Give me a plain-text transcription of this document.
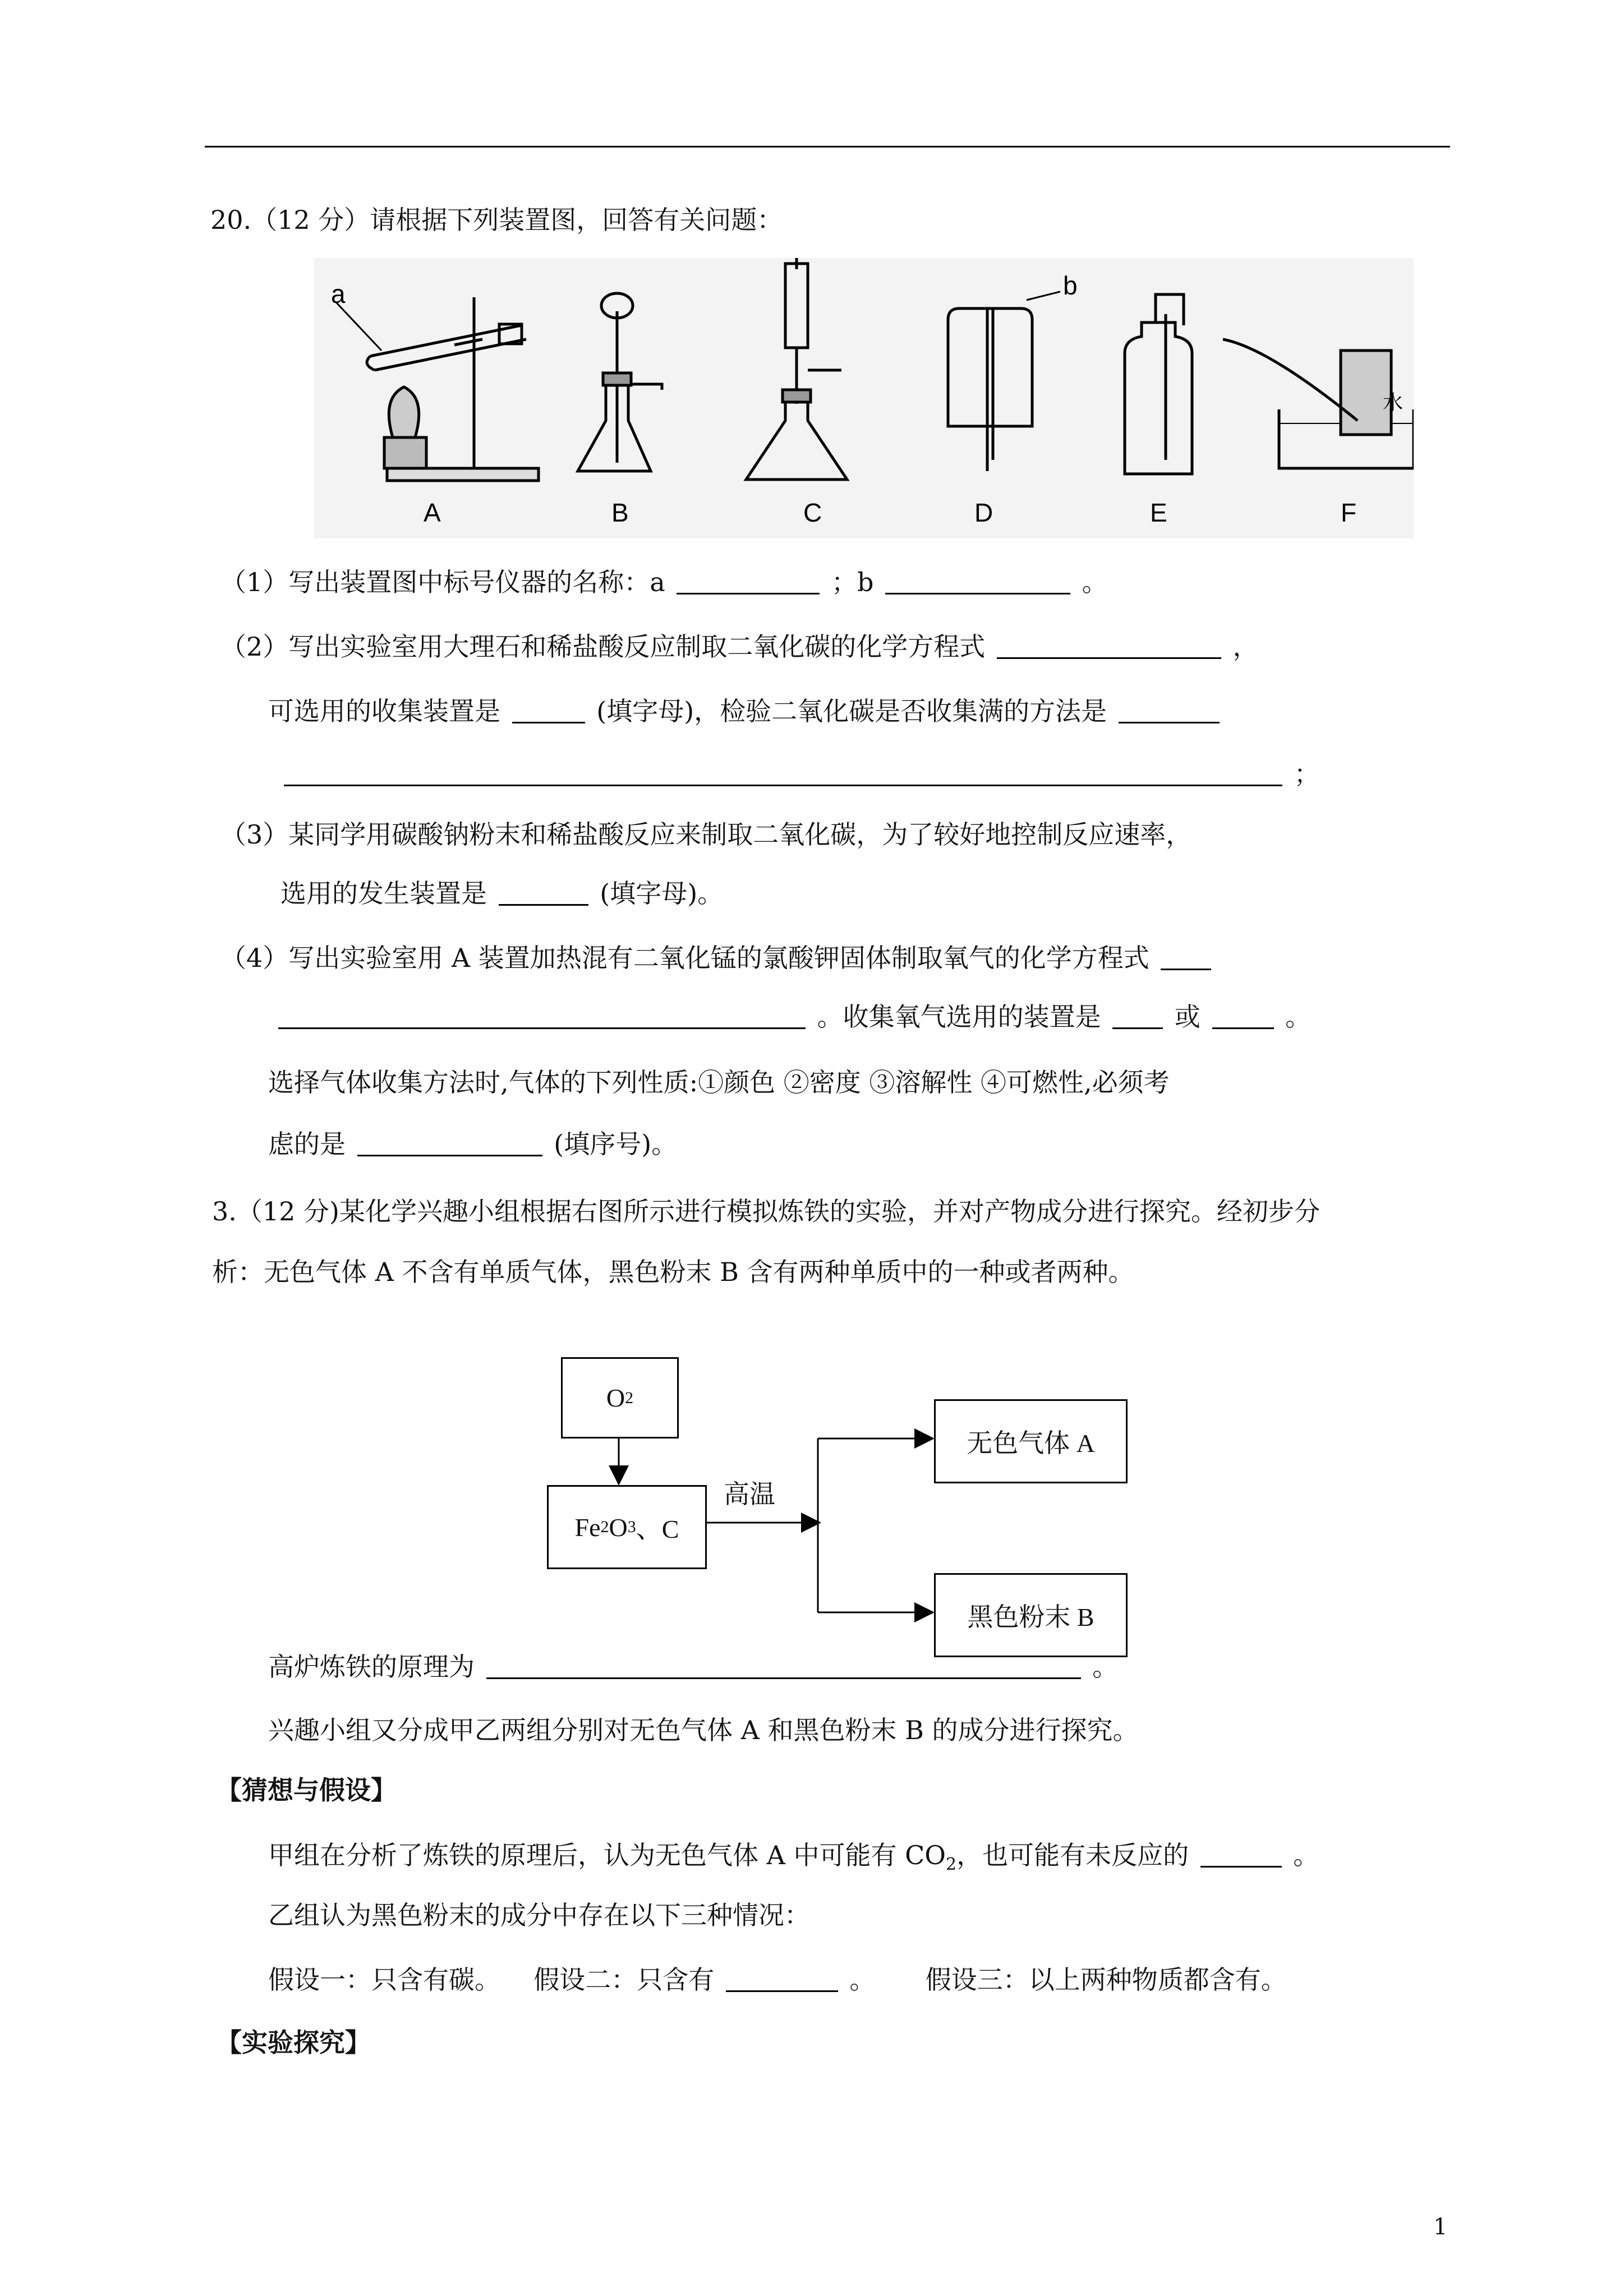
20.（12 分）请根据下列装置图，回答有关问题：
a	b
水
A	B	C	D	E	F
（1）写出装置图中标号仪器的名称：a	；b	。
（2）写出实验室用大理石和稀盐酸反应制取二氧化碳的化学方程式	，
可选用的收集装置是	(填字母)，检验二氧化碳是否收集满的方法是
；
（3）某同学用碳酸钠粉末和稀盐酸反应来制取二氧化碳，为了较好地控制反应速率，
选用的发生装置是	(填字母)。
（4）写出实验室用 A 装置加热混有二氧化锰的氯酸钾固体制取氧气的化学方程式
。收集氧气选用的装置是	或	。
选择气体收集方法时,气体的下列性质:①颜色 ②密度 ③溶解性 ④可燃性,必须考
虑的是	(填序号)。
3.（12 分)某化学兴趣小组根据右图所示进行模拟炼铁的实验，并对产物成分进行探究。经初步分
析：无色气体 A 不含有单质气体，黑色粉末 B 含有两种单质中的一种或者两种。
O 2
Fe 2 O 3 、C
高温
无色气体 A
黑色粉末 B
高炉炼铁的原理为	。
兴趣小组又分成甲乙两组分别对无色气体 A 和黑色粉末 B 的成分进行探究。
【猜想与假设】
甲组在分析了炼铁的原理后，认为无色气体 A 中可能有 $CO_2$，也可能有未反应的	。
乙组认为黑色粉末的成分中存在以下三种情况：
假设一：只含有碳。 假设二：只含有	。 假设三：以上两种物质都含有。
【实验探究】
1
